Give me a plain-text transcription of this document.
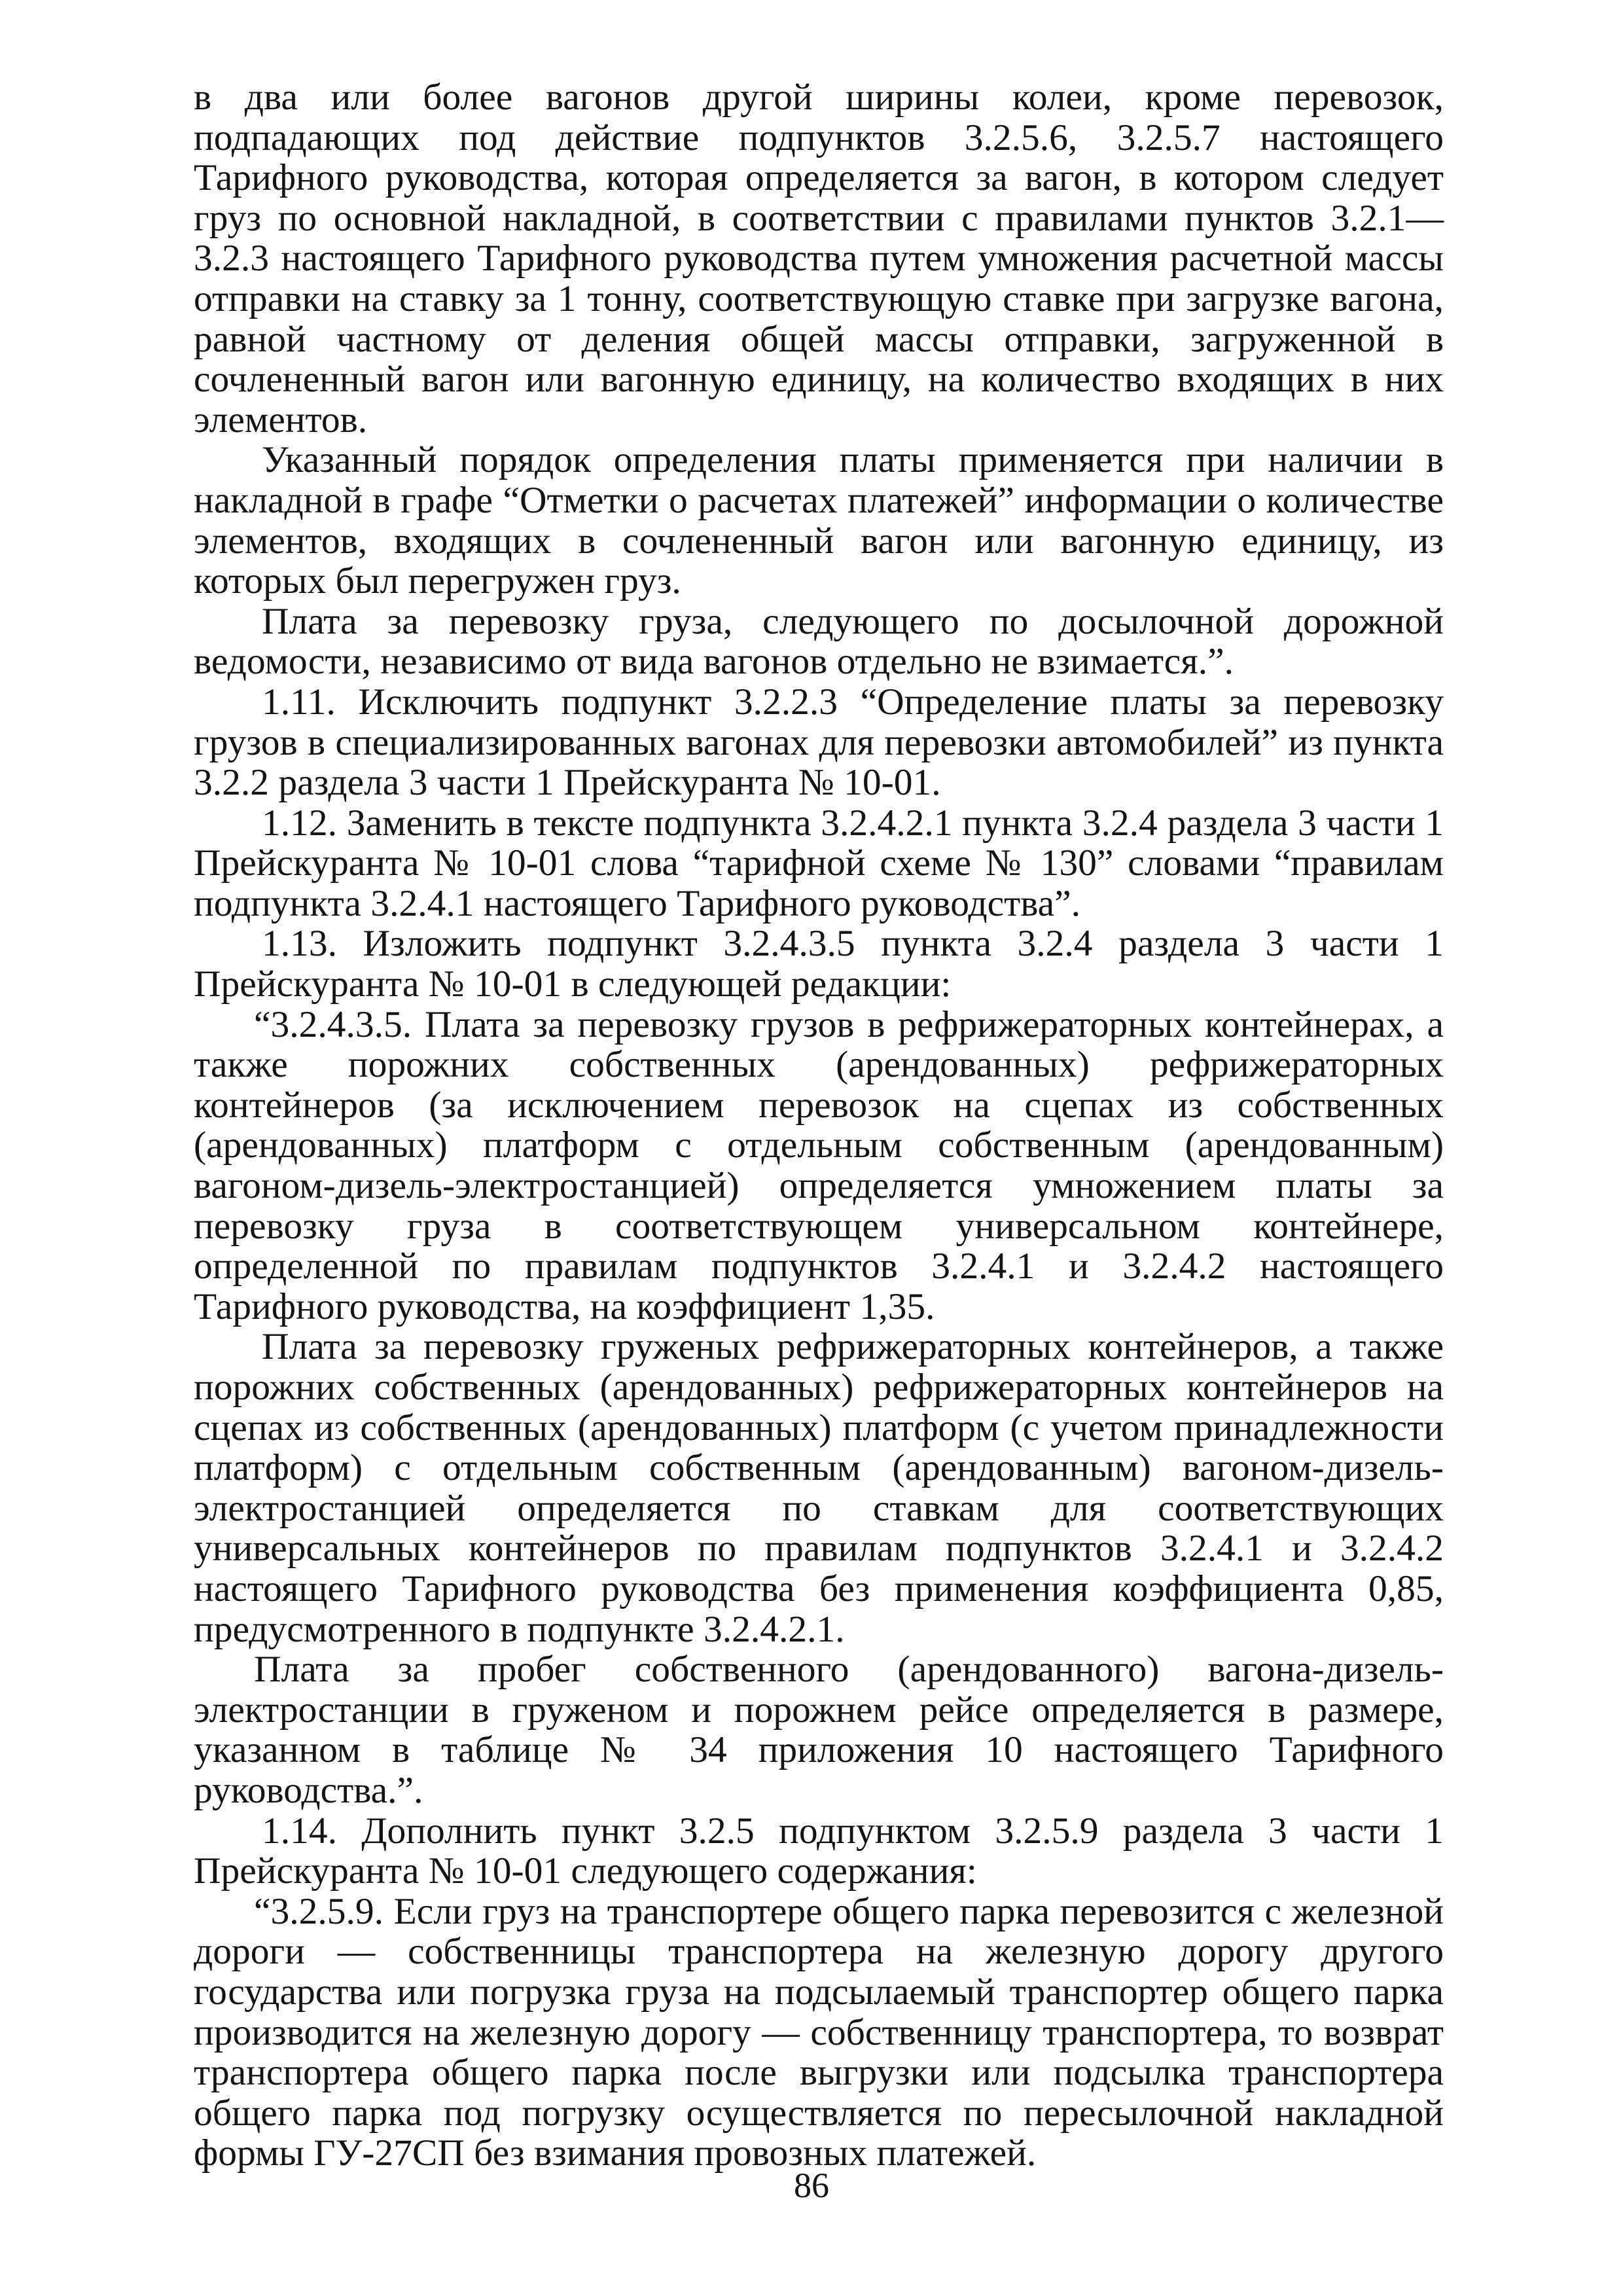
в два или более вагонов другой ширины колеи, кроме перевозок, подпадающих под действие подпунктов 3.2.5.6, 3.2.5.7 настоящего Тарифного руководства, которая определяется за вагон, в котором следует груз по основной накладной, в соответствии с правилами пунктов 3.2.1—3.2.3 настоящего Тарифного руководства путем умножения расчетной массы отправки на ставку за 1 тонну, соответствующую ставке при загрузке вагона, равной частному от деления общей массы отправки, загруженной в сочлененный вагон или вагонную единицу, на количество входящих в них элементов.

Указанный порядок определения платы применяется при наличии в накладной в графе “Отметки о расчетах платежей” информации о количестве элементов, входящих в сочлененный вагон или вагонную единицу, из которых был перегружен груз.

Плата за перевозку груза, следующего по досылочной дорожной ведомости, независимо от вида вагонов отдельно не взимается.”.

1.11. Исключить подпункт 3.2.2.3 “Определение платы за перевозку грузов в специализированных вагонах для перевозки автомобилей” из пункта 3.2.2 раздела 3 части 1 Прейскуранта № 10-01.

1.12. Заменить в тексте подпункта 3.2.4.2.1 пункта 3.2.4 раздела 3 части 1 Прейскуранта № 10-01 слова “тарифной схеме № 130” словами “правилам подпункта 3.2.4.1 настоящего Тарифного руководства”.

1.13. Изложить подпункт 3.2.4.3.5 пункта 3.2.4 раздела 3 части 1 Прейскуранта № 10-01 в следующей редакции:

“3.2.4.3.5. Плата за перевозку грузов в рефрижераторных контейнерах, а также порожних собственных (арендованных) рефрижераторных контейнеров (за исключением перевозок на сцепах из собственных (арендованных) платформ с отдельным собственным (арендованным) вагоном-дизель-электростанцией) определяется умножением платы за перевозку груза в соответствующем универсальном контейнере, определенной по правилам подпунктов 3.2.4.1 и 3.2.4.2 настоящего Тарифного руководства, на коэффициент 1,35.

Плата за перевозку груженых рефрижераторных контейнеров, а также порожних собственных (арендованных) рефрижераторных контейнеров на сцепах из собственных (арендованных) платформ (с учетом принадлежности платформ) с отдельным собственным (арендованным) вагоном-дизель-электростанцией определяется по ставкам для соответствующих универсальных контейнеров по правилам подпунктов 3.2.4.1 и 3.2.4.2 настоящего Тарифного руководства без применения коэффициента 0,85, предусмотренного в подпункте 3.2.4.2.1.

Плата за пробег собственного (арендованного) вагона-дизель-электростанции в груженом и порожнем рейсе определяется в размере, указанном в таблице № 34 приложения 10 настоящего Тарифного руководства.”.

1.14. Дополнить пункт 3.2.5 подпунктом 3.2.5.9 раздела 3 части 1 Прейскуранта № 10-01 следующего содержания:

“3.2.5.9. Если груз на транспортере общего парка перевозится с железной дороги — собственницы транспортера на железную дорогу другого государства или погрузка груза на подсылаемый транспортер общего парка производится на железную дорогу — собственницу транспортера, то возврат транспортера общего парка после выгрузки или подсылка транспортера общего парка под погрузку осуществляется по пересылочной накладной формы ГУ-27СП без взимания провозных платежей.

86
